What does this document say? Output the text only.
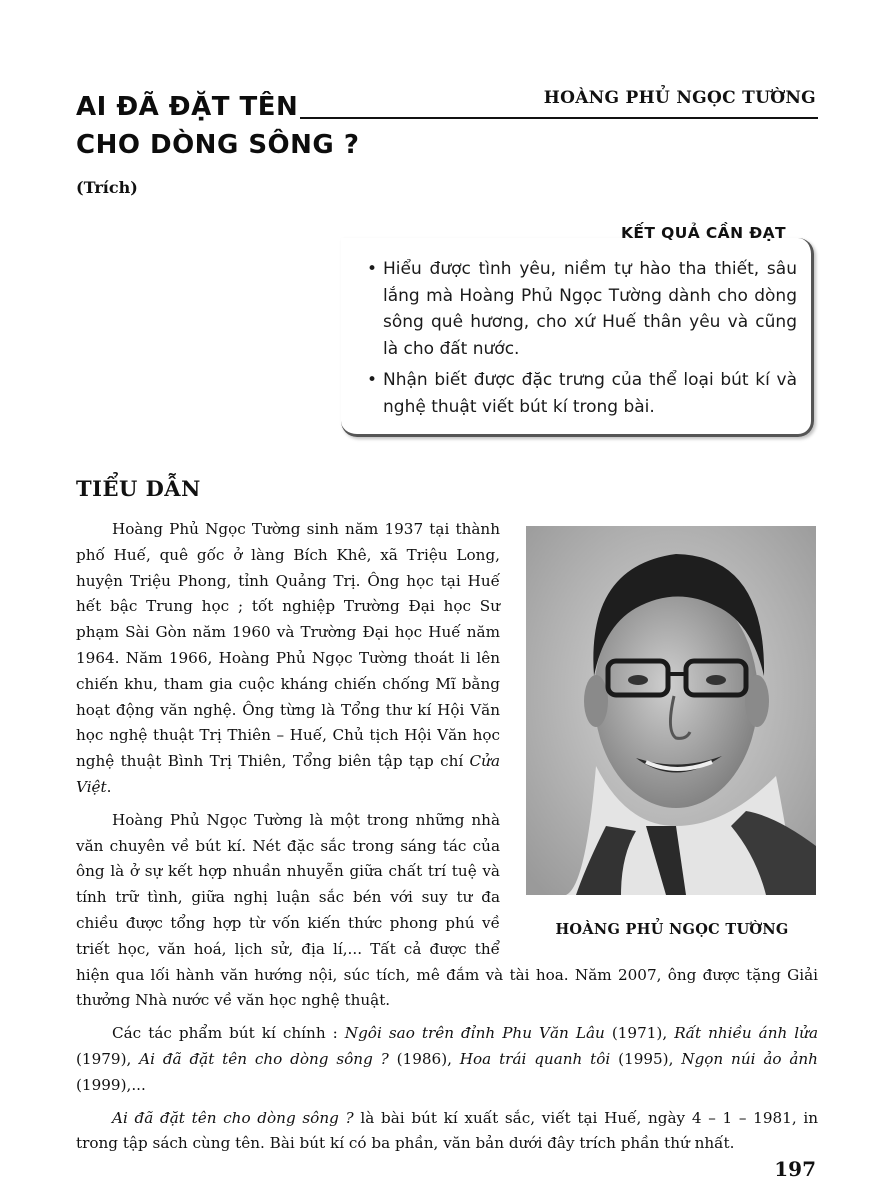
AI ĐÃ ĐẶT TÊN
CHO DÒNG SÔNG ?
HOÀNG PHỦ NGỌC TƯỜNG
(Trích)
KẾT QUẢ CẦN ĐẠT
• Hiểu được tình yêu, niềm tự hào tha thiết, sâu lắng mà Hoàng Phủ Ngọc Tường dành cho dòng sông quê hương, cho xứ Huế thân yêu và cũng là cho đất nước.
• Nhận biết được đặc trưng của thể loại bút kí và nghệ thuật viết bút kí trong bài.
TIỂU DẪN
HOÀNG PHỦ NGỌC TƯỜNG

Hoàng Phủ Ngọc Tường sinh năm 1937 tại thành phố Huế, quê gốc ở làng Bích Khê, xã Triệu Long, huyện Triệu Phong, tỉnh Quảng Trị. Ông học tại Huế hết bậc Trung học ; tốt nghiệp Trường Đại học Sư phạm Sài Gòn năm 1960 và Trường Đại học Huế năm 1964. Năm 1966, Hoàng Phủ Ngọc Tường thoát li lên chiến khu, tham gia cuộc kháng chiến chống Mĩ bằng hoạt động văn nghệ. Ông từng là Tổng thư kí Hội Văn học nghệ thuật Trị Thiên – Huế, Chủ tịch Hội Văn học nghệ thuật Bình Trị Thiên, Tổng biên tập tạp chí Cửa Việt.

Hoàng Phủ Ngọc Tường là một trong những nhà văn chuyên về bút kí. Nét đặc sắc trong sáng tác của ông là ở sự kết hợp nhuần nhuyễn giữa chất trí tuệ và tính trữ tình, giữa nghị luận sắc bén với suy tư đa chiều được tổng hợp từ vốn kiến thức phong phú về triết học, văn hoá, lịch sử, địa lí,... Tất cả được thể hiện qua lối hành văn hướng nội, súc tích, mê đắm và tài hoa. Năm 2007, ông được tặng Giải thưởng Nhà nước về văn học nghệ thuật.

Các tác phẩm bút kí chính : Ngôi sao trên đỉnh Phu Văn Lâu (1971), Rất nhiều ánh lửa (1979), Ai đã đặt tên cho dòng sông ? (1986), Hoa trái quanh tôi (1995), Ngọn núi ảo ảnh (1999),...

Ai đã đặt tên cho dòng sông ? là bài bút kí xuất sắc, viết tại Huế, ngày 4 – 1 – 1981, in trong tập sách cùng tên. Bài bút kí có ba phần, văn bản dưới đây trích phần thứ nhất.

197
